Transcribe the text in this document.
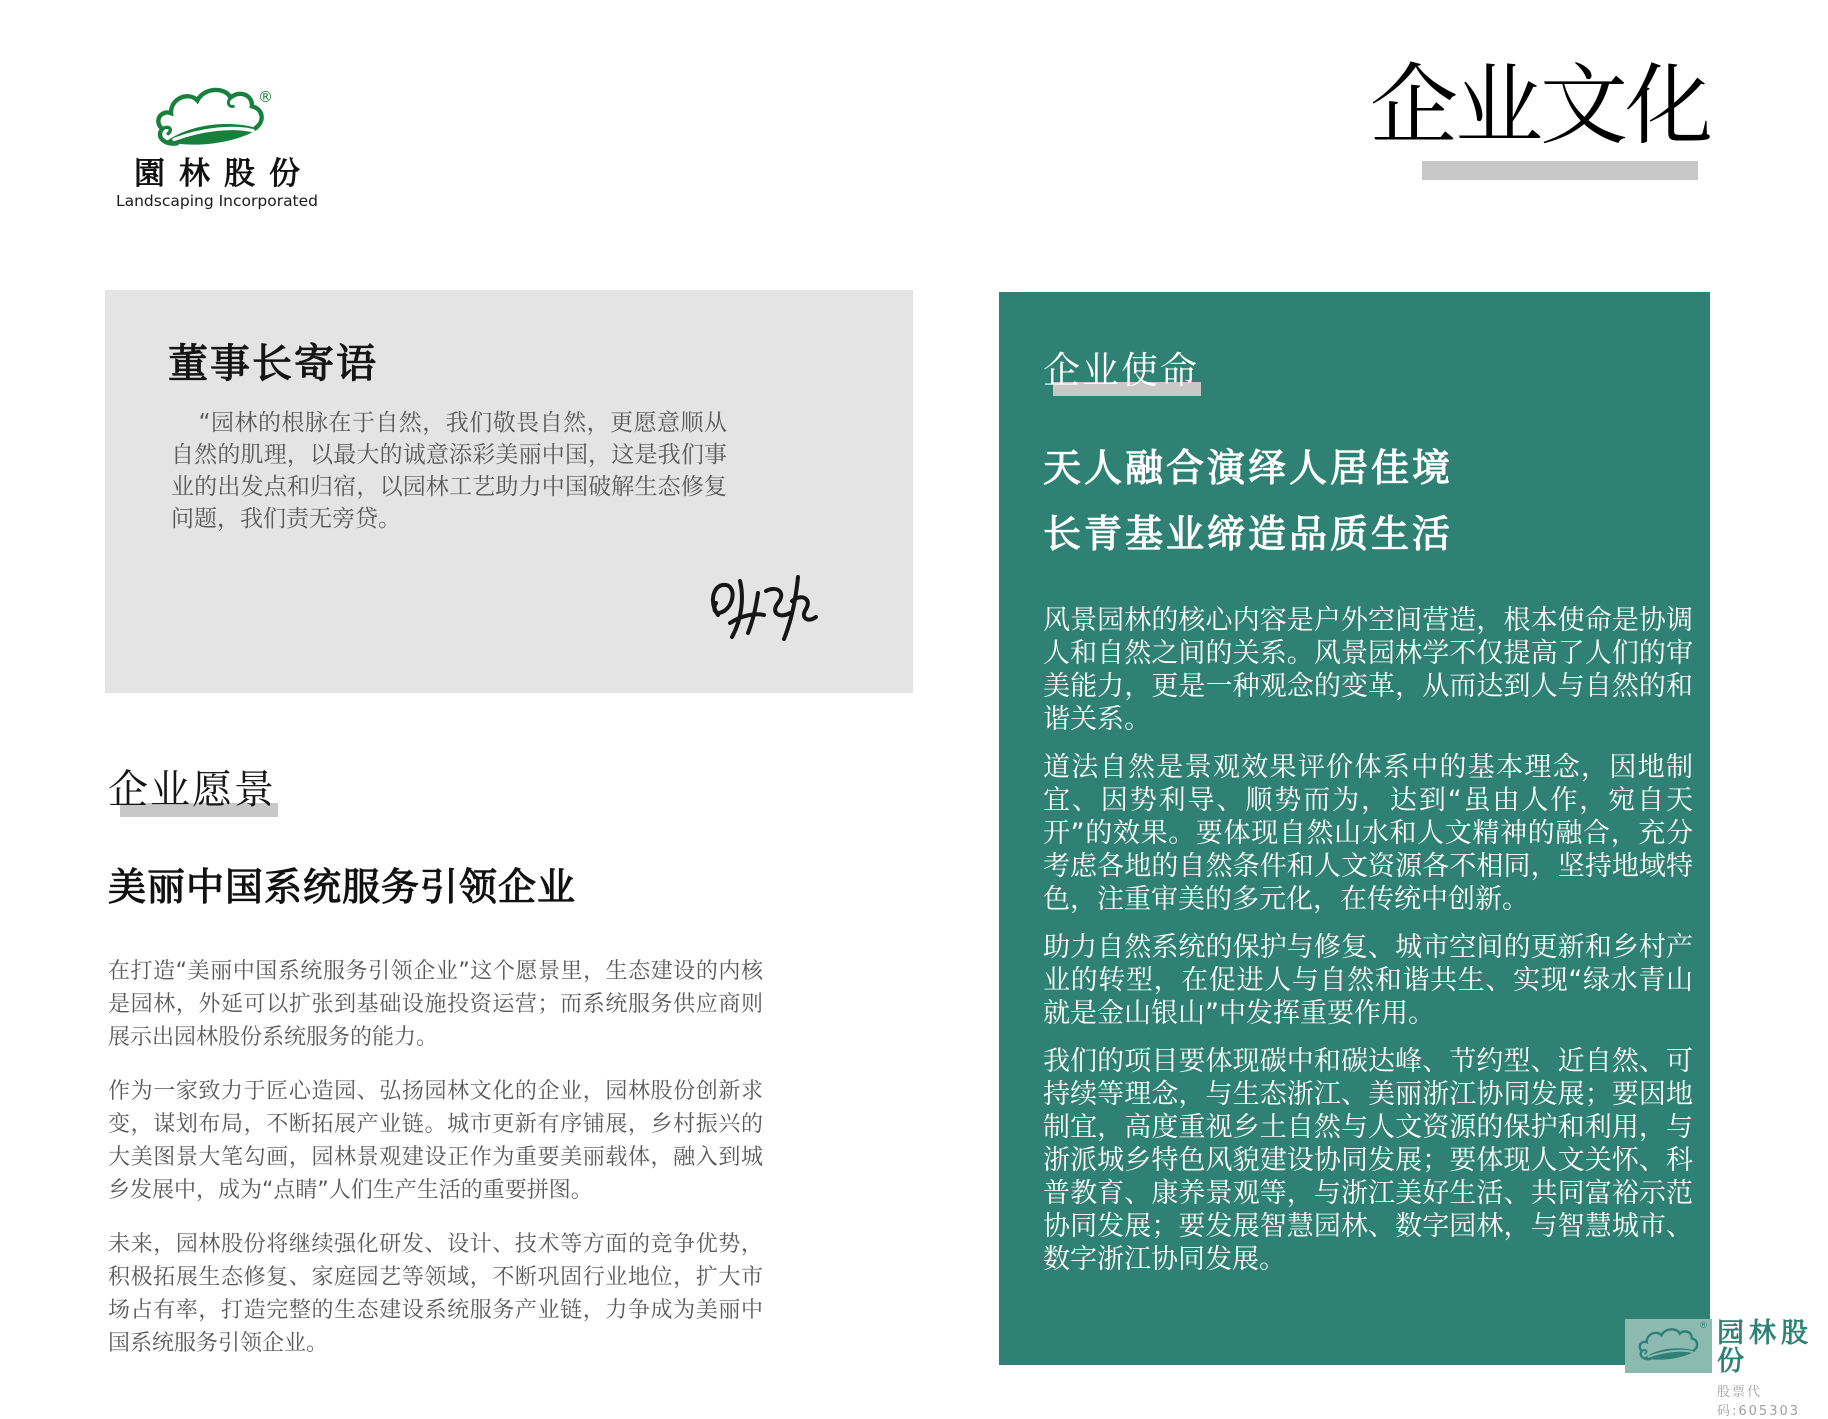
®
園林股份
Landscaping Incorporated
企业文化
董事长寄语
“园林的根脉在于自然，我们敬畏自然，更愿意顺从自然的肌理，以最大的诚意添彩美丽中国，这是我们事业的出发点和归宿，以园林工艺助力中国破解生态修复问题，我们责无旁贷。
企业愿景
美丽中国系统服务引领企业

在打造“美丽中国系统服务引领企业”这个愿景里，生态建设的内核是园林，外延可以扩张到基础设施投资运营；而系统服务供应商则展示出园林股份系统服务的能力。

作为一家致力于匠心造园、弘扬园林文化的企业，园林股份创新求变，谋划布局，不断拓展产业链。城市更新有序铺展，乡村振兴的大美图景大笔勾画，园林景观建设正作为重要美丽载体，融入到城乡发展中，成为“点睛”人们生产生活的重要拼图。

未来，园林股份将继续强化研发、设计、技术等方面的竞争优势，积极拓展生态修复、家庭园艺等领域，不断巩固行业地位，扩大市场占有率，打造完整的生态建设系统服务产业链，力争成为美丽中国系统服务引领企业。

企业使命
天人融合演绎人居佳境
长青基业缔造品质生活

风景园林的核心内容是户外空间营造，根本使命是协调人和自然之间的关系。风景园林学不仅提高了人们的审美能力，更是一种观念的变革，从而达到人与自然的和谐关系。

道法自然是景观效果评价体系中的基本理念，因地制宜、因势利导、顺势而为，达到“虽由人作，宛自天开”的效果。要体现自然山水和人文精神的融合，充分考虑各地的自然条件和人文资源各不相同，坚持地域特色，注重审美的多元化，在传统中创新。

助力自然系统的保护与修复、城市空间的更新和乡村产业的转型，在促进人与自然和谐共生、实现“绿水青山就是金山银山”中发挥重要作用。

我们的项目要体现碳中和碳达峰、节约型、近自然、可持续等理念，与生态浙江、美丽浙江协同发展；要因地制宜，高度重视乡土自然与人文资源的保护和利用，与浙派城乡特色风貌建设协同发展；要体现人文关怀、科普教育、康养景观等，与浙江美好生活、共同富裕示范协同发展；要发展智慧园林、数字园林，与智慧城市、数字浙江协同发展。

® 园林股份
股票代码:605303
